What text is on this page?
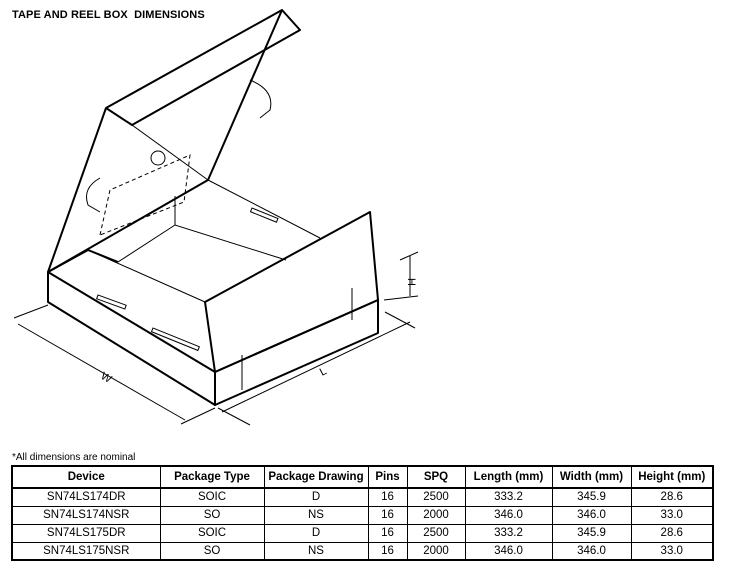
TAPE AND REEL BOX  DIMENSIONS
W	L
H
*All dimensions are nominal
Device	Package Type	Package Drawing	Pins	SPQ	Length (mm)	Width (mm)	Height (mm)
SN74LS174DR	SOIC	D	16	2500	333.2	345.9	28.6
SN74LS174NSR	SO	NS	16	2000	346.0	346.0	33.0
SN74LS175DR	SOIC	D	16	2500	333.2	345.9	28.6
SN74LS175NSR	SO	NS	16	2000	346.0	346.0	33.0
